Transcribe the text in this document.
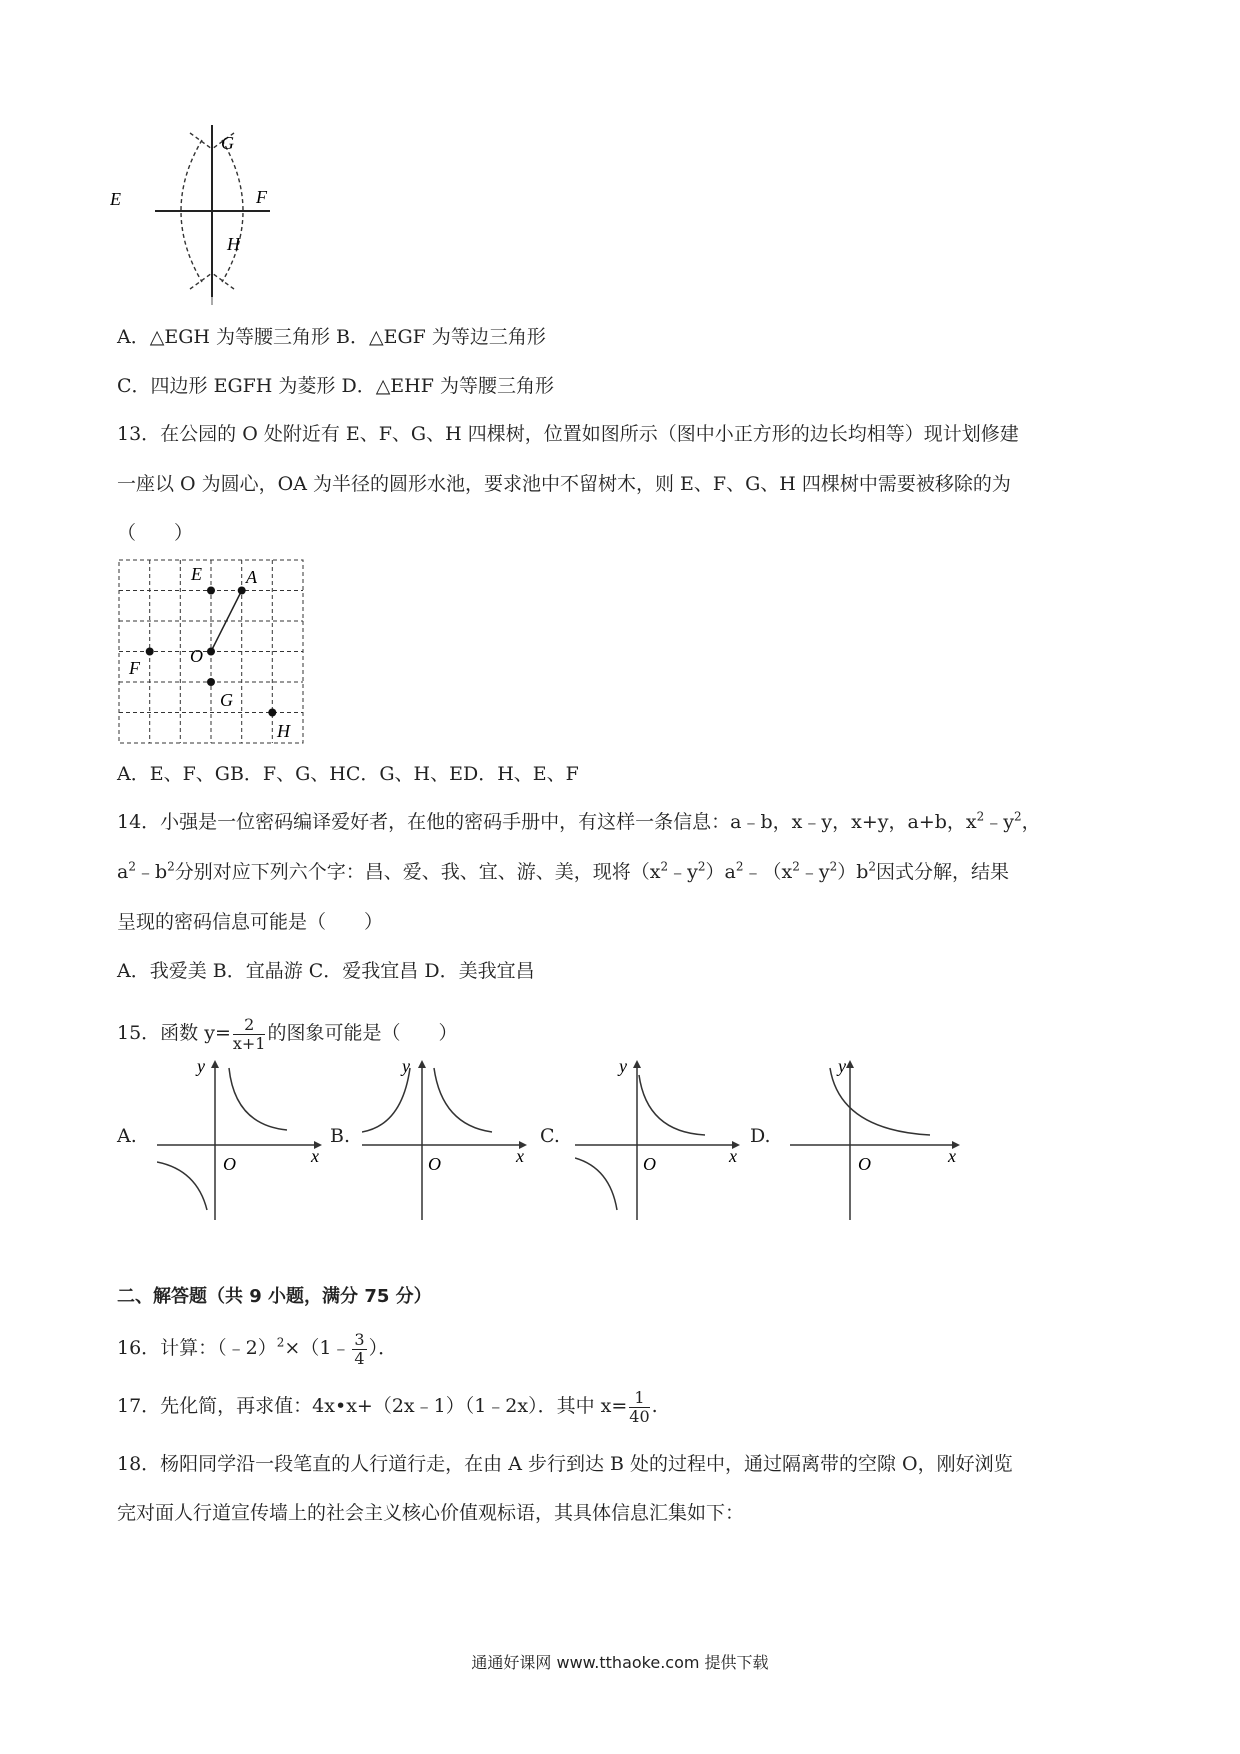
G
E	F
H
A．△EGH 为等腰三角形 B．△EGF 为等边三角形
C．四边形 EGFH 为菱形 D．△EHF 为等腰三角形
13．在公园的 O 处附近有 E、F、G、H 四棵树，位置如图所示（图中小正方形的边长均相等）现计划修建
一座以 O 为圆心，OA 为半径的圆形水池，要求池中不留树木，则 E、F、G、H 四棵树中需要被移除的为
（　　）
E A
O
F
G
H
A．E、F、GB．F、G、HC．G、H、ED．H、E、F
14．小强是一位密码编译爱好者，在他的密码手册中，有这样一条信息：a﹣b，x﹣y，x+y，a+b，$x^2﹣y^2$，
$a^2﹣b^2$分别对应下列六个字：昌、爱、我、宜、游、美，现将$(x^2﹣y^2)a^2﹣(x^2﹣y^2)b^2$因式分解，结果
呈现的密码信息可能是（　　）
A．我爱美 B．宜晶游 C．爱我宜昌 D．美我宜昌
15．函数 $y= \frac{2}{x+1}$ 的图象可能是（　　）
A.
y
x
O
B.
y
x
O
C.
y
x
O
D.
y
x
O
二、解答题（共 9 小题，满分 75 分）
16．计算：（﹣2）$^2$×（1﹣ $\frac{3}{4}$ ）．
17．先化简，再求值：4x•x+（2x﹣1）（1﹣2x）．其中 $x= \frac{1}{40}$ .
18．杨阳同学沿一段笔直的人行道行走，在由 A 步行到达 B 处的过程中，通过隔离带的空隙 O，刚好浏览
完对面人行道宣传墙上的社会主义核心价值观标语，其具体信息汇集如下：
通通好课网 www.tthaoke.com 提供下载
